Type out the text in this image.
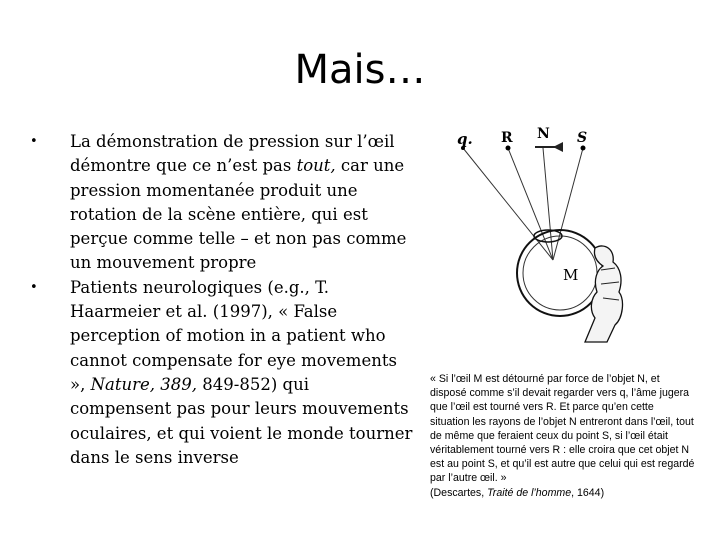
Mais…
• La démonstration de pression sur l’œil démontre que ce n’est pas tout, car une pression momentanée produit une rotation de la scène entière, qui est perçue comme telle – et non pas comme un mouvement propre
• Patients neurologiques (e.g., T. Haarmeier et al. (1997), « False perception of motion in a patient who cannot compensate for eye movements », Nature, 389, 849-852) qui compensent pas pour leurs mouvements oculaires, et qui voient le monde tourner dans le sens inverse
q. R N S
M

« Si l’œil M est détourné par force de l’objet N, et disposé comme s’il devait regarder vers q, l’âme jugera que l’œil est tourné vers R. Et parce qu’en cette situation les rayons de l’objet N entreront dans l’œil, tout de même que feraient ceux du point S, si l’œil était véritablement tourné vers R : elle croira que cet objet N est au point S, et qu’il est autre que celui qui est regardé par l’autre œil. »

(Descartes, Traité de l’homme, 1644)
